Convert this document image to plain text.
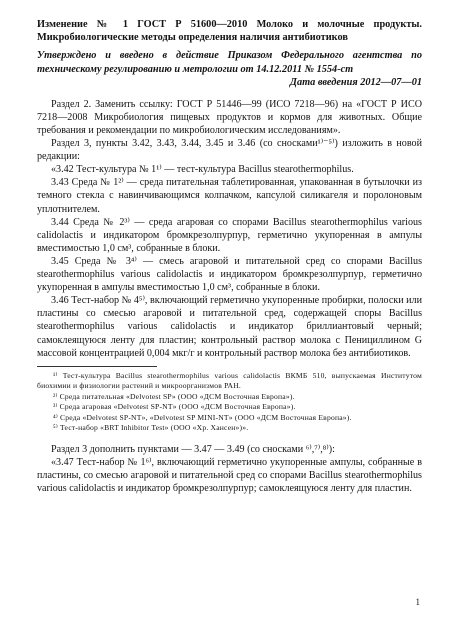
Изменение № 1 ГОСТ Р 51600—2010 Молоко и молочные продукты. Микробиологические методы определения наличия антибиотиков

Утверждено и введено в действие Приказом Федерального агентства по техническому регулированию и метрологии от 14.12.2011 № 1554-ст

Дата введения 2012—07—01

Раздел 2. Заменить ссылку: ГОСТ Р 51446—99 (ИСО 7218—96) на «ГОСТ Р ИСО 7218—2008 Микробиология пищевых продуктов и кормов для животных. Общие требования и рекомендации по микробиологическим исследованиям».

Раздел 3, пункты 3.42, 3.43, 3.44, 3.45 и 3.46 (со сносками¹⁾⁻⁵⁾) изложить в новой редакции:

«3.42 Тест-культура № 1¹⁾ — тест-культура Bacillus stearothermophilus.

3.43 Среда № 1²⁾ — среда питательная таблетированная, упакованная в бутылочки из темного стекла с навинчивающимся колпачком, капсулой силикагеля и поролоновым уплотнителем.

3.44 Среда № 2³⁾ — среда агаровая со спорами Bacillus stearothermophilus various calidolactis и индикатором бромкрезолпурпур, герметично укупоренная в ампулы вместимостью 1,0 см³, собранные в блоки.

3.45 Среда № 3⁴⁾ — смесь агаровой и питательной сред со спорами Bacillus stearothermophilus various calidolactis и индикатором бромкрезолпурпур, герметично укупоренная в ампулы вместимостью 1,0 см³, собранные в блоки.

3.46 Тест-набор № 4⁵⁾, включающий герметично укупоренные пробирки, полоски или пластины со смесью агаровой и питательной сред, содержащей споры Bacillus stearothermophilus various calidolactis и индикатор бриллиантовый черный; самоклеящуюся ленту для пластин; контрольный раствор молока с Пенициллином G массовой концентрацией 0,004 мкг/г и контрольный раствор молока без антибиотиков.

¹⁾ Тест-культура Bacillus stearothermophilus various calidolactis ВКМБ 510, выпускаемая Институтом биохимии и физиологии растений и микроорганизмов РАН.

²⁾ Среда питательная «Delvotest SP» (ООО «ДСМ Восточная Европа»).

³⁾ Среда агаровая «Delvotest SP-NT» (ООО «ДСМ Восточная Европа»).

⁴⁾ Среда «Delvotest SP-NT», «Delvotest SP MINI-NT» (ООО «ДСМ Восточная Европа»).

⁵⁾ Тест-набор «BRT Inhibitor Test» (ООО «Хр. Хансен»)».

Раздел 3 дополнить пунктами — 3.47 — 3.49 (со сносками ⁶⁾,⁷⁾,⁸⁾):

«3.47 Тест-набор № 1⁶⁾, включающий герметично укупоренные ампулы, собранные в пластины, со смесью агаровой и питательной сред со спорами Bacillus stearothermophilus various calidolactis и индикатор бромкрезолпурпур; самоклеящуюся ленту для пластин.

1
